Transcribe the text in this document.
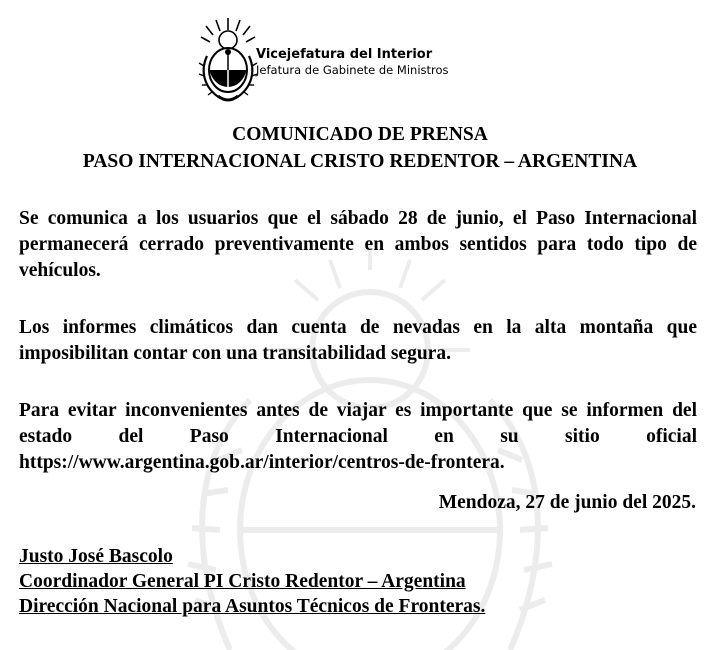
Vicejefatura del Interior
Jefatura de Gabinete de Ministros
COMUNICADO DE PRENSA
PASO INTERNACIONAL CRISTO REDENTOR – ARGENTINA
Se comunica a los usuarios que el sábado 28 de junio, el Paso Internacional permanecerá cerrado preventivamente en ambos sentidos para todo tipo de vehículos.
Los informes climáticos dan cuenta de nevadas en la alta montaña que imposibilitan contar con una transitabilidad segura.
Para evitar inconvenientes antes de viajar es importante que se informen del estado del Paso Internacional en su sitio oficial https://www.argentina.gob.ar/interior/centros-de-frontera.
Mendoza, 27 de junio del 2025.
Justo José Bascolo
Coordinador General PI Cristo Redentor – Argentina
Dirección Nacional para Asuntos Técnicos de Fronteras.
